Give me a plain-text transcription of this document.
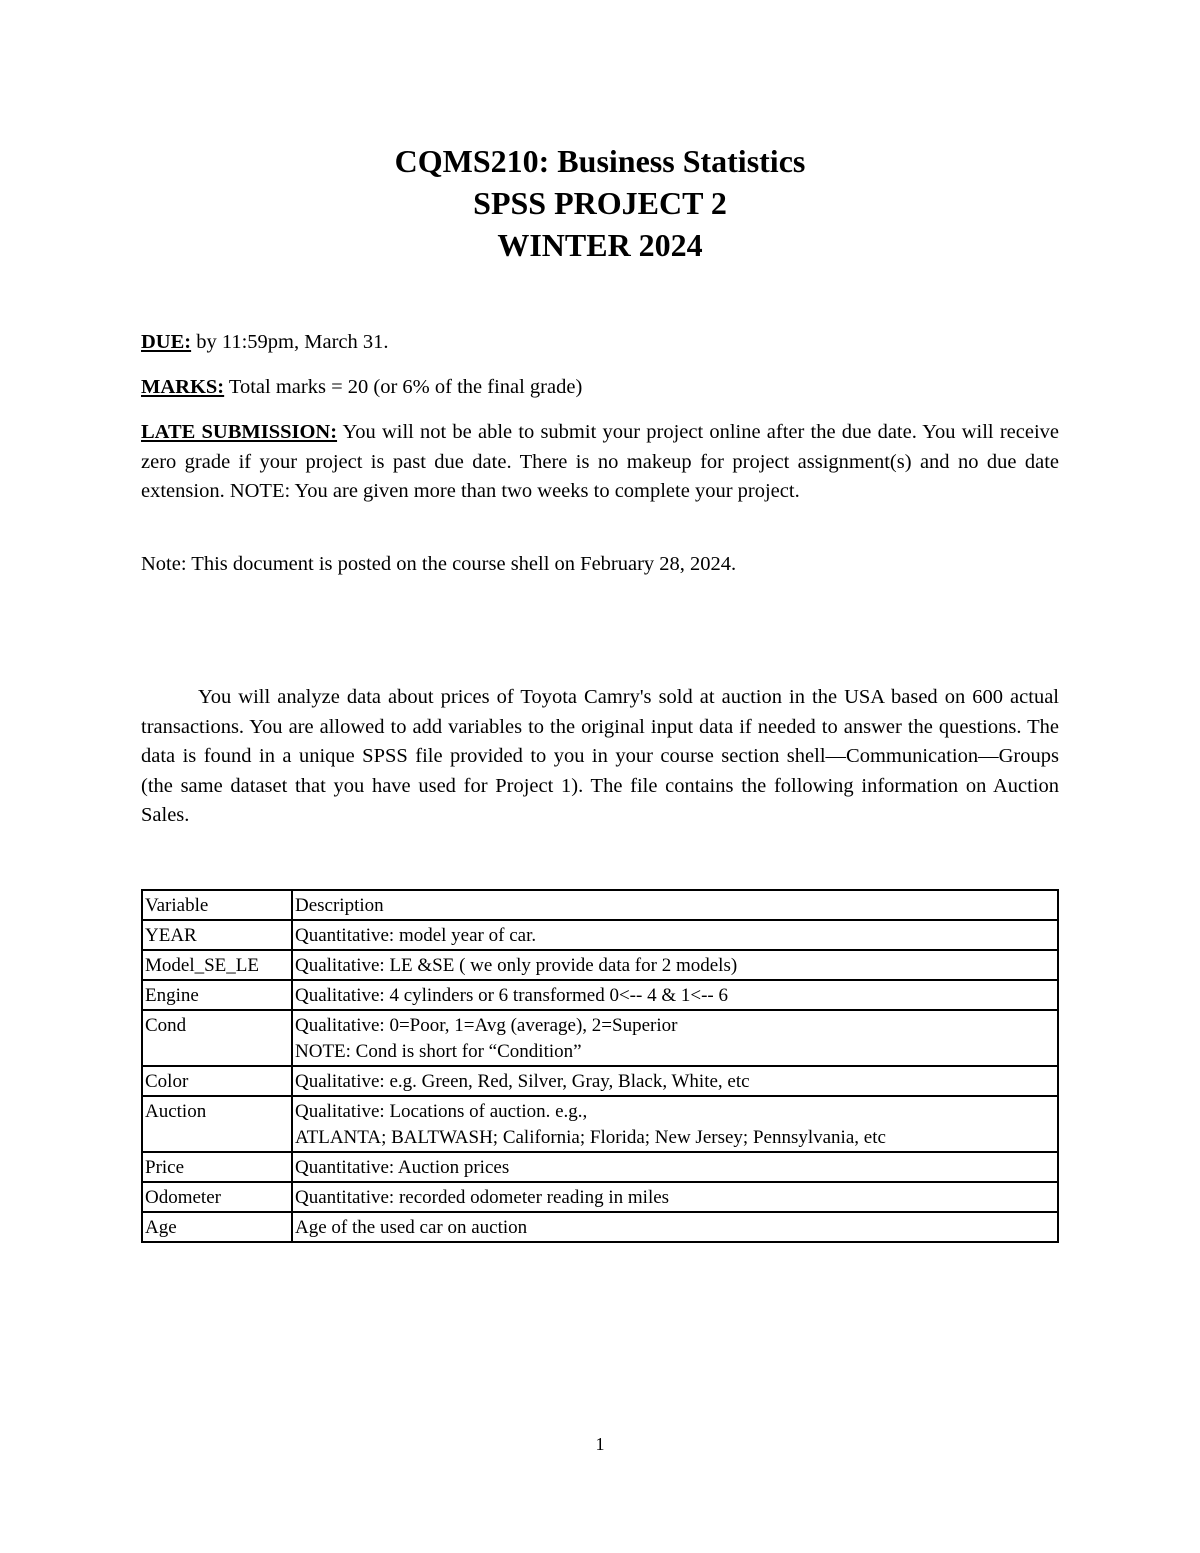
CQMS210: Business Statistics

SPSS PROJECT 2

WINTER 2024

DUE: by 11:59pm, March 31.
MARKS: Total marks = 20 (or 6% of the final grade)
LATE SUBMISSION: You will not be able to submit your project online after the due date. You will receive zero grade if your project is past due date. There is no makeup for project assignment(s) and no due date extension. NOTE: You are given more than two weeks to complete your project.
Note: This document is posted on the course shell on February 28, 2024.

You will analyze data about prices of Toyota Camry's sold at auction in the USA based on 600 actual transactions. You are allowed to add variables to the original input data if needed to answer the questions. The data is found in a unique SPSS file provided to you in your course section shell—Communication—Groups (the same dataset that you have used for Project 1). The file contains the following information on Auction Sales.

Variable	Description
YEAR	Quantitative: model year of car.

Model_SE_LE	Qualitative: LE &SE ( we only provide data for 2 models)

Engine	Qualitative: 4 cylinders or 6 transformed 0<-- 4 & 1<-- 6

Cond	Qualitative: 0=Poor, 1=Avg (average), 2=Superior
NOTE: Cond is short for “Condition”

Color	Qualitative: e.g. Green, Red, Silver, Gray, Black, White, etc

Auction	Qualitative: Locations of auction. e.g.,
ATLANTA; BALTWASH; California; Florida; New Jersey; Pennsylvania, etc

Price	Quantitative: Auction prices

Odometer	Quantitative: recorded odometer reading in miles

Age	Age of the used car on auction
1
